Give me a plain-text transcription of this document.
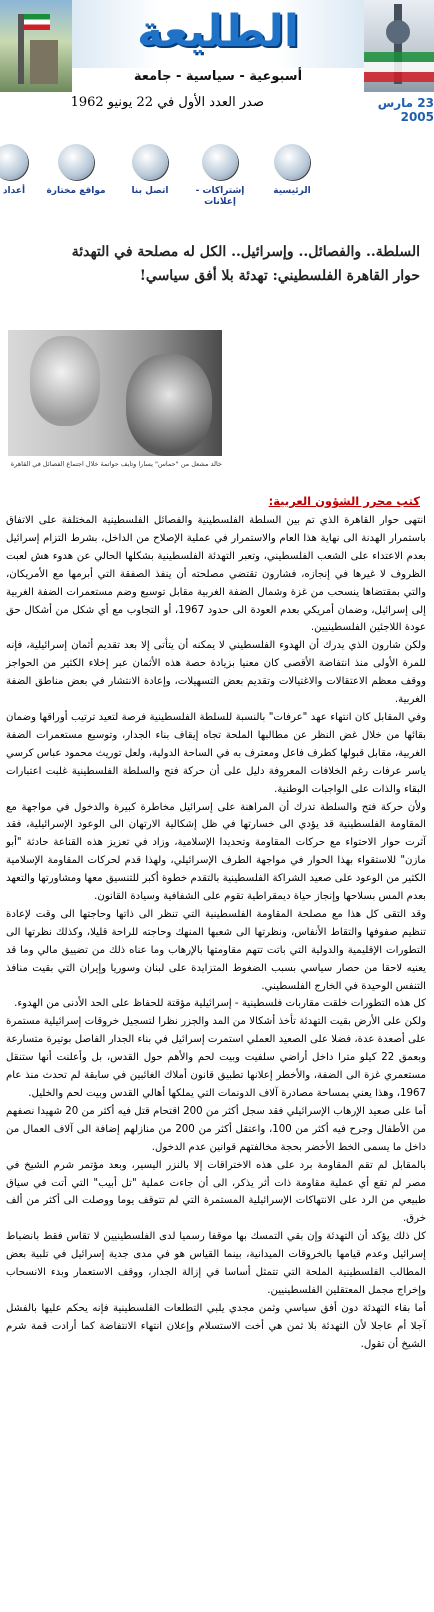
الطليعة
أسبوعية - سياسية - جامعة
23 مارس 2005
صدر العدد الأول في 22 يونيو 1962
الرئيسية
إشتراكات - إعلانات
اتصل بنا
مواقع مختارة
أعداد
السلطة.. والفصائل.. وإسرائيل.. الكل له مصلحة في التهدئة
حوار القاهرة الفلسطيني: تهدئة بلا أفق سياسي!
خالد مشعل من "حماس" يسارا وتايف حواتمة خلال اجتماع الفصائل في القاهرة
كتب محرر الشؤون العربية:

انتهى حوار القاهرة الذي تم بين السلطة الفلسطينية والفصائل الفلسطينية المختلفة على الاتفاق باستمرار الهدنة الى نهاية هذا العام والاستمرار في عملية الإصلاح من الداخل، بشرط التزام إسرائيل بعدم الاعتداء على الشعب الفلسطيني، وتعبر التهدئة الفلسطينية بشكلها الحالي عن هدوء هش لعبت الظروف لا غيرها في إنجازه، فشارون تقتضي مصلحته أن ينفذ الصفقة التي أبرمها مع الأمريكان، والتي بمقتضاها ينسحب من غزة وشمال الضفة الغربية مقابل توسيع وضم مستعمرات الضفة الغربية إلى إسرائيل، وضمان أمريكي بعدم العودة الى حدود 1967، أو التجاوب مع أي شكل من أشكال حق عودة اللاجئين الفلسطينيين.

ولكن شارون الذي يدرك أن الهدوء الفلسطيني لا يمكنه أن يتأتى إلا بعد تقديم أثمان إسرائيلية، فإنه للمرة الأولى منذ انتفاضة الأقصى كان معنيا بزيادة حصة هذه الأثمان عبر إخلاء الكثير من الحواجز ووقف معظم الاعتقالات والاغتيالات وتقديم بعض التسهيلات، وإعادة الانتشار في بعض مناطق الضفة الغربية.

وفي المقابل كان انتهاء عهد "عرفات" بالنسبة للسلطة الفلسطينية فرصة لتعيد ترتيب أوراقها وضمان بقائها من خلال غض النظر عن مطالبها الملحة تجاه إيقاف بناء الجدار، وتوسيع مستعمرات الضفة الغربية، مقابل قبولها كطرف فاعل ومعترف به في الساحة الدولية، ولعل توريث محمود عباس كرسي ياسر عرفات رغم الخلافات المعروفة دليل على أن حركة فتح والسلطة الفلسطينية غلبت اعتبارات البقاء والذات على الواجبات الوطنية.

ولأن حركة فتح والسلطة تدرك أن المراهنة على إسرائيل مخاطرة كبيرة والدخول في مواجهة مع المقاومة الفلسطينية قد يؤدي الى خسارتها في ظل إشكالية الارتهان الى الوعود الإسرائيلية، فقد آثرت حوار الاحتواء مع حركات المقاومة وتحديدا الإسلامية، وزاد في تعزيز هذه القناعة حادثة "أبو مازن" للاستقواء بهذا الحوار في مواجهة الطرف الإسرائيلي، ولهذا قدم لحركات المقاومة الإسلامية الكثير من الوعود على صعيد الشراكة الفلسطينية بالتقدم خطوة أكبر للتنسيق معها ومشاورتها والتعهد بعدم المس بسلاحها وإنجاز حياة ديمقراطية تقوم على الشفافية وسيادة القانون.

وقد التقى كل هذا مع مصلحة المقاومة الفلسطينية التي تنظر الى ذاتها وحاجتها الى وقت لإعادة تنظيم صفوفها والتقاط الأنفاس، ونظرتها الى شعبها المنهك وحاجته للراحة قليلا، وكذلك نظرتها الى التطورات الإقليمية والدولية التي باتت تتهم مقاومتها بالإرهاب وما عناه ذلك من تضييق مالي وما قد يعنيه لاحقا من حصار سياسي بسبب الضغوط المتزايدة على لبنان وسوريا وإيران التي بقيت منافذ التنفس الوحيدة في الخارج الفلسطيني.

كل هذه التطورات خلقت مقاربات فلسطينية - إسرائيلية مؤقتة للحفاظ على الحد الأدنى من الهدوء.

ولكن على الأرض بقيت التهدئة تأخذ أشكالا من المد والجزر نظرا لتسجيل خروقات إسرائيلية مستمرة على أصعدة عدة، فضلا على الصعيد العملي استمرت إسرائيل في بناء الجدار الفاصل بوتيرة متسارعة وبعمق 22 كيلو مترا داخل أراضي سلفيت وبيت لحم والأهم حول القدس، بل وأعلنت أنها ستنقل مستعمري غزة الى الضفة، والأخطر إعلانها تطبيق قانون أملاك الغائبين في سابقة لم تحدث منذ عام 1967، وهذا يعني بمساحة مصادرة آلاف الدونمات التي يملكها أهالي القدس وبيت لحم والخليل.

أما على صعيد الإرهاب الإسرائيلي فقد سجل أكثر من 200 اقتحام قتل فيه أكثر من 20 شهيدا نصفهم من الأطفال وجرح فيه أكثر من 100، واعتقل أكثر من 200 من منازلهم إضافة الى آلاف العمال من داخل ما يسمى الخط الأخضر بحجة مخالفتهم قوانين عدم الدخول.

بالمقابل لم تقم المقاومة برد على هذه الاختراقات إلا بالنزر اليسير، وبعد مؤتمر شرم الشيخ في مصر لم تقع أي عملية مقاومة ذات أثر يذكر، الى أن جاءت عملية "تل أبيب" التي أتت في سياق طبيعي من الرد على الانتهاكات الإسرائيلية المستمرة التي لم تتوقف يوما ووصلت الى أكثر من ألف خرق.

كل ذلك يؤكد أن التهدئة وإن بقي التمسك بها موقفا رسميا لدى الفلسطينيين لا تقاس فقط بانضباط إسرائيل وعدم قيامها بالخروقات الميدانية، بينما القياس هو في مدى جدية إسرائيل في تلبية بعض المطالب الفلسطينية الملحة التي تتمثل أساسا في إزالة الجدار، ووقف الاستعمار وبدء الانسحاب وإخراج مجمل المعتقلين الفلسطينيين.

أما بقاء التهدئة دون أفق سياسي وثمن مجدي يلبي التطلعات الفلسطينية فإنه يحكم عليها بالفشل آجلا أم عاجلا لأن التهدئة بلا ثمن هي أخت الاستسلام وإعلان انتهاء الانتفاضة كما أرادت قمة شرم الشيخ أن تقول.
